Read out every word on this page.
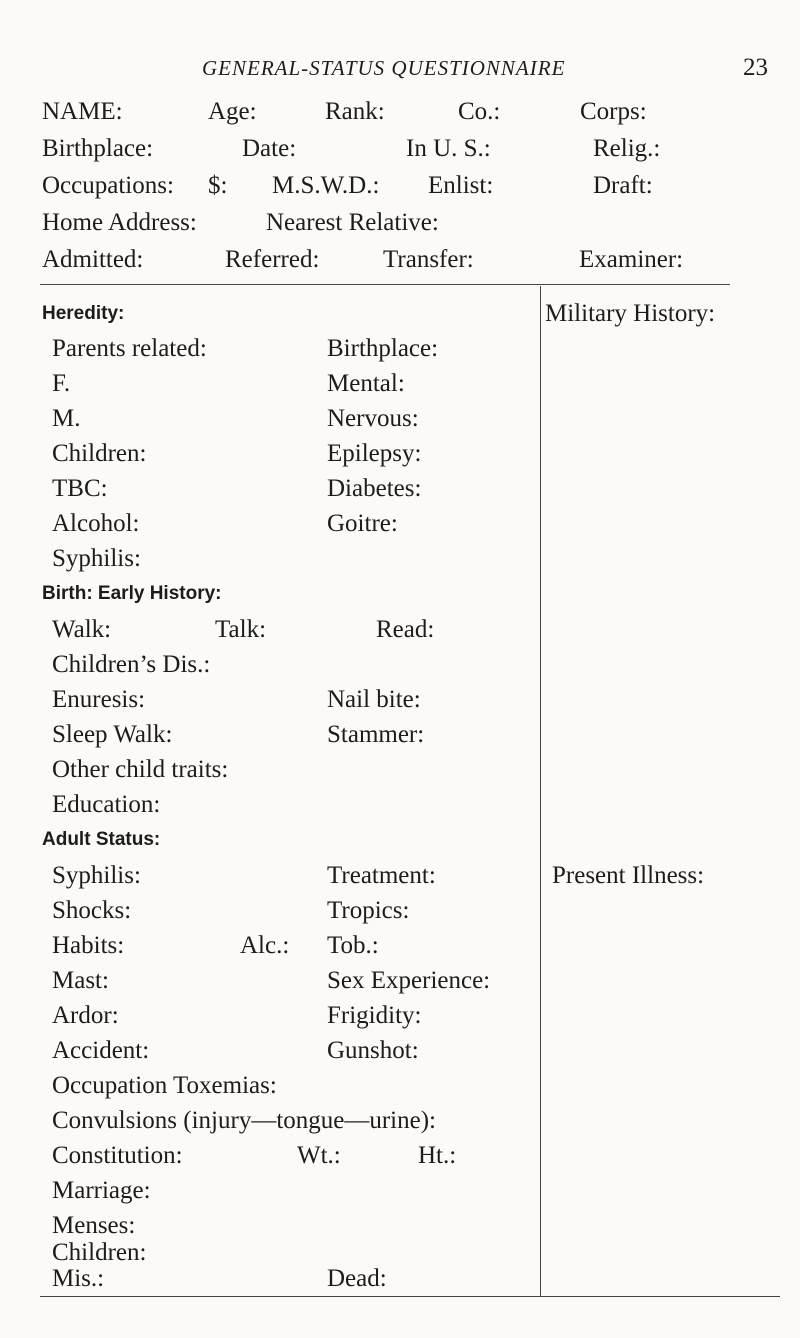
GENERAL-STATUS QUESTIONNAIRE	23
NAME:	Age:	Rank:	Co.:	Corps:
Birthplace:	Date:	In U. S.:	Relig.:
Occupations: $: M.S.W.D.: Enlist:	Draft:
Home Address:	Nearest Relative:
Admitted:	Referred:	Transfer:	Examiner:
Heredity:	Military History:
Parents related:	Birthplace:
F.	Mental:
M.	Nervous:
Children:	Epilepsy:
TBC:	Diabetes:
Alcohol:	Goitre:
Syphilis:
Birth: Early History:
Walk:	Talk:	Read:
Children’s Dis.:
Enuresis:	Nail bite:
Sleep Walk:	Stammer:
Other child traits:
Education:
Adult Status:
Syphilis:	Treatment:	Present Illness:
Shocks:	Tropics:
Habits:	Alc.: Tob.:
Mast:	Sex Experience:
Ardor:	Frigidity:
Accident:	Gunshot:
Occupation Toxemias:
Convulsions (injury—tongue—urine):
Constitution:	Wt.:	Ht.:
Marriage:
Menses:
Children:
Mis.:	Dead:
